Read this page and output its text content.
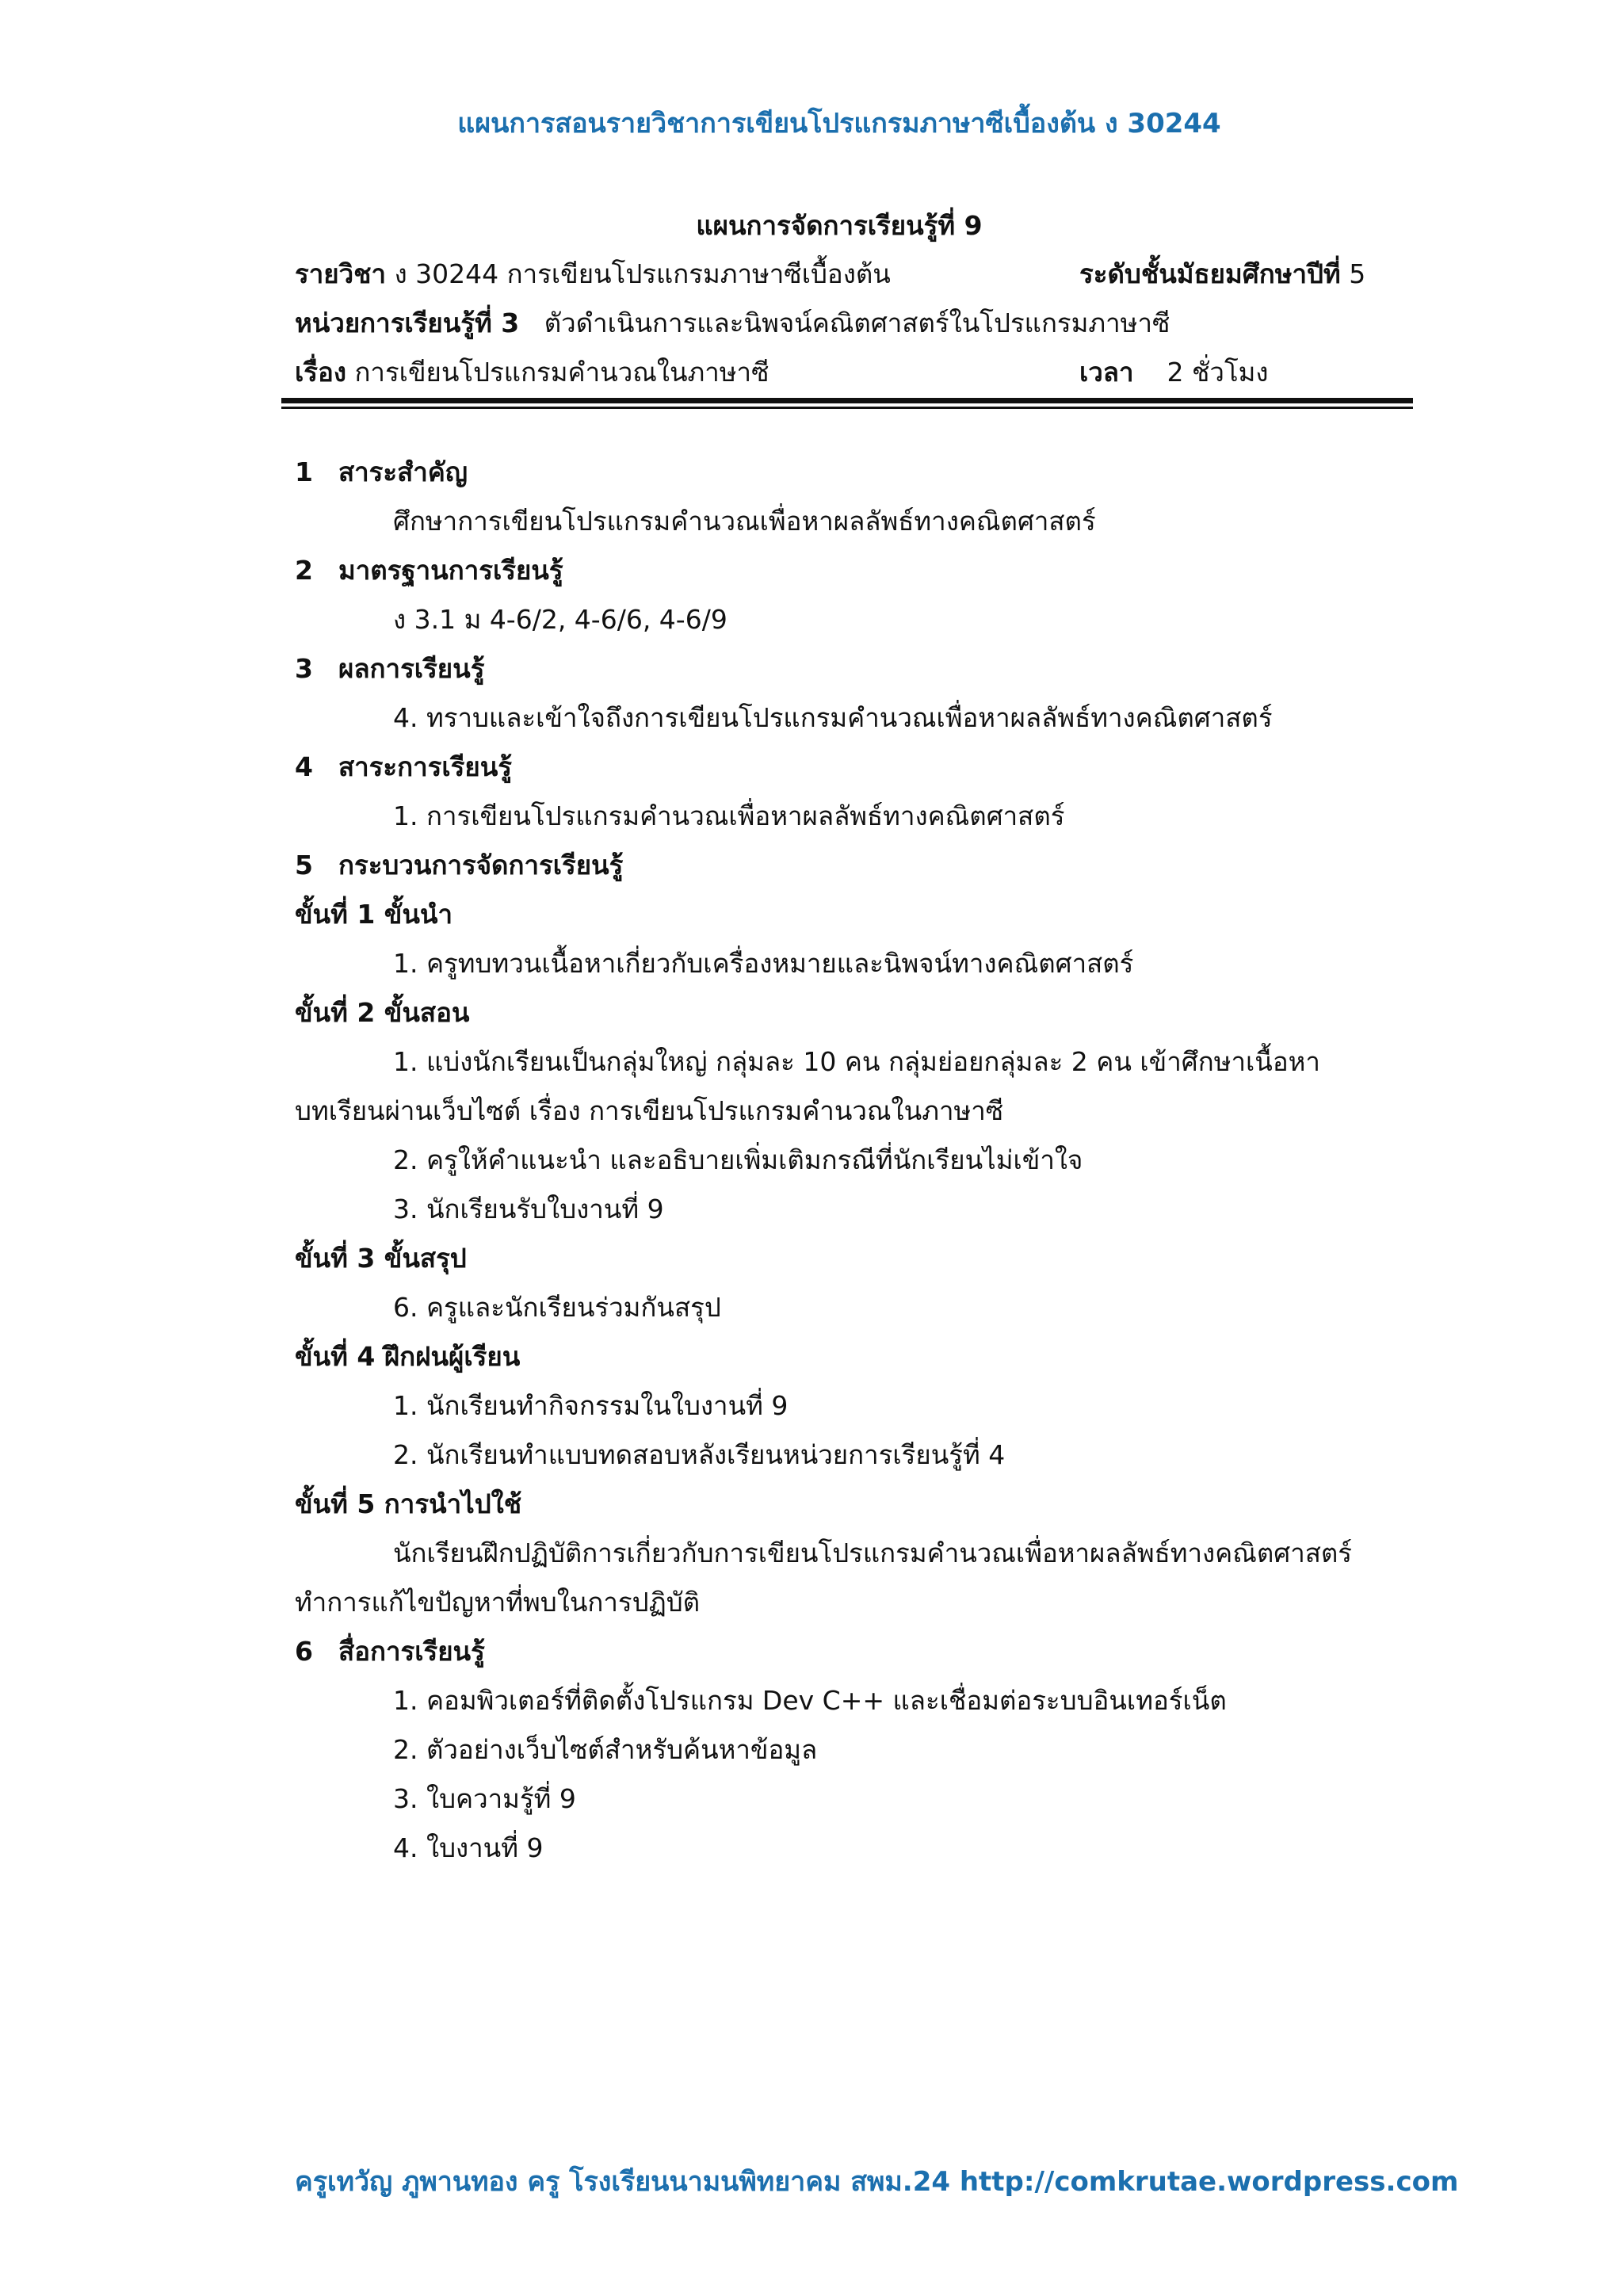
แผนการสอนรายวิชาการเขียนโปรแกรมภาษาซีเบื้องต้น ง 30244
แผนการจัดการเรียนรู้ที่ 9
รายวิชา ง 30244 การเขียนโปรแกรมภาษาซีเบื้องต้น	ระดับชั้นมัธยมศึกษาปีที่ 5
หน่วยการเรียนรู้ที่ 3 ตัวดำเนินการและนิพจน์คณิตศาสตร์ในโปรแกรมภาษาซี
เรื่อง การเขียนโปรแกรมคำนวณในภาษาซี	เวลา 2 ชั่วโมง
1 สาระสำคัญ
ศึกษาการเขียนโปรแกรมคำนวณเพื่อหาผลลัพธ์ทางคณิตศาสตร์
2 มาตรฐานการเรียนรู้
ง 3.1 ม 4-6/2, 4-6/6, 4-6/9
3 ผลการเรียนรู้
4. ทราบและเข้าใจถึงการเขียนโปรแกรมคำนวณเพื่อหาผลลัพธ์ทางคณิตศาสตร์
4 สาระการเรียนรู้
1. การเขียนโปรแกรมคำนวณเพื่อหาผลลัพธ์ทางคณิตศาสตร์
5 กระบวนการจัดการเรียนรู้
ขั้นที่ 1 ขั้นนำ
1. ครูทบทวนเนื้อหาเกี่ยวกับเครื่องหมายและนิพจน์ทางคณิตศาสตร์
ขั้นที่ 2 ขั้นสอน
1. แบ่งนักเรียนเป็นกลุ่มใหญ่ กลุ่มละ 10 คน กลุ่มย่อยกลุ่มละ 2 คน เข้าศึกษาเนื้อหา
บทเรียนผ่านเว็บไซต์ เรื่อง การเขียนโปรแกรมคำนวณในภาษาซี
2. ครูให้คำแนะนำ และอธิบายเพิ่มเติมกรณีที่นักเรียนไม่เข้าใจ
3. นักเรียนรับใบงานที่ 9
ขั้นที่ 3 ขั้นสรุป
6. ครูและนักเรียนร่วมกันสรุป
ขั้นที่ 4 ฝึกฝนผู้เรียน
1. นักเรียนทำกิจกรรมในใบงานที่ 9
2. นักเรียนทำแบบทดสอบหลังเรียนหน่วยการเรียนรู้ที่ 4
ขั้นที่ 5 การนำไปใช้
นักเรียนฝึกปฏิบัติการเกี่ยวกับการเขียนโปรแกรมคำนวณเพื่อหาผลลัพธ์ทางคณิตศาสตร์
ทำการแก้ไขปัญหาที่พบในการปฏิบัติ
6 สื่อการเรียนรู้
1. คอมพิวเตอร์ที่ติดตั้งโปรแกรม Dev C++ และเชื่อมต่อระบบอินเทอร์เน็ต
2. ตัวอย่างเว็บไซต์สำหรับค้นหาข้อมูล
3. ใบความรู้ที่ 9
4. ใบงานที่ 9
ครูเทวัญ ภูพานทอง ครู โรงเรียนนามนพิทยาคม สพม.24 http://comkrutae.wordpress.com
